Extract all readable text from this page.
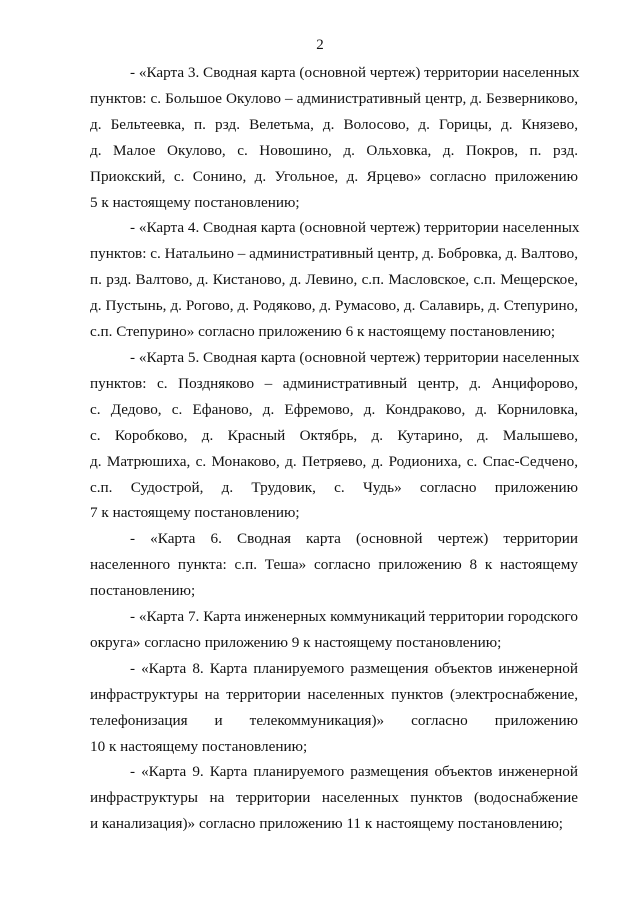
2
- «Карта 3. Сводная карта (основной чертеж) территории населенных
пунктов: с. Большое Окулово – административный центр, д. Безверниково,
д. Бельтеевка, п. рзд. Велетьма, д. Волосово, д. Горицы, д. Князево,
д. Малое Окулово, с. Новошино, д. Ольховка, д. Покров, п. рзд.
Приокский, с. Сонино, д. Угольное, д. Ярцево» согласно приложению
5 к настоящему постановлению;
- «Карта 4. Сводная карта (основной чертеж) территории населенных
пунктов: с. Натальино – административный центр, д. Бобровка, д. Валтово,
п. рзд. Валтово, д. Кистаново, д. Левино, с.п. Масловское, с.п. Мещерское,
д. Пустынь, д. Рогово, д. Родяково, д. Румасово, д. Салавирь, д. Степурино,
с.п. Степурино» согласно приложению 6 к настоящему постановлению;
- «Карта 5. Сводная карта (основной чертеж) территории населенных
пунктов: с. Поздняково – административный центр, д. Анцифорово,
с. Дедово, с. Ефаново, д. Ефремово, д. Кондраково, д. Корниловка,
с. Коробково, д. Красный Октябрь, д. Кутарино, д. Малышево,
д. Матрюшиха, с. Монаково, д. Петряево, д. Родиониха, с. Спас-Седчено,
с.п. Судострой, д. Трудовик, с. Чудь» согласно приложению
7 к настоящему постановлению;
- «Карта 6. Сводная карта (основной чертеж) территории
населенного пункта: с.п. Теша» согласно приложению 8 к настоящему
постановлению;
- «Карта 7. Карта инженерных коммуникаций территории городского
округа» согласно приложению 9 к настоящему постановлению;
- «Карта 8. Карта планируемого размещения объектов инженерной
инфраструктуры на территории населенных пунктов (электроснабжение,
телефонизация и телекоммуникация)» согласно приложению
10 к настоящему постановлению;
- «Карта 9. Карта планируемого размещения объектов инженерной
инфраструктуры на территории населенных пунктов (водоснабжение
и канализация)» согласно приложению 11 к настоящему постановлению;
